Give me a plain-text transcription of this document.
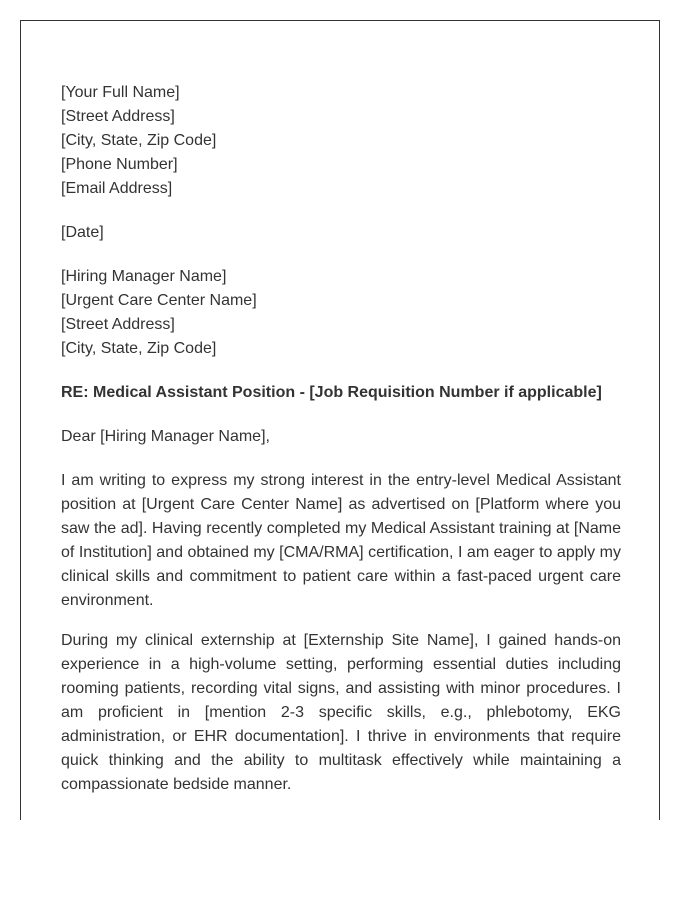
[Your Full Name]
[Street Address]
[City, State, Zip Code]
[Phone Number]
[Email Address]
[Date]
[Hiring Manager Name]
[Urgent Care Center Name]
[Street Address]
[City, State, Zip Code]
RE: Medical Assistant Position - [Job Requisition Number if applicable]
Dear [Hiring Manager Name],

I am writing to express my strong interest in the entry-level Medical Assistant position at [Urgent Care Center Name] as advertised on [Platform where you saw the ad]. Having recently completed my Medical Assistant training at [Name of Institution] and obtained my [CMA/RMA] certification, I am eager to apply my clinical skills and commitment to patient care within a fast-paced urgent care environment.

During my clinical externship at [Externship Site Name], I gained hands-on experience in a high-volume setting, performing essential duties including rooming patients, recording vital signs, and assisting with minor procedures. I am proficient in [mention 2-3 specific skills, e.g., phlebotomy, EKG administration, or EHR documentation]. I thrive in environments that require quick thinking and the ability to multitask effectively while maintaining a compassionate bedside manner.
